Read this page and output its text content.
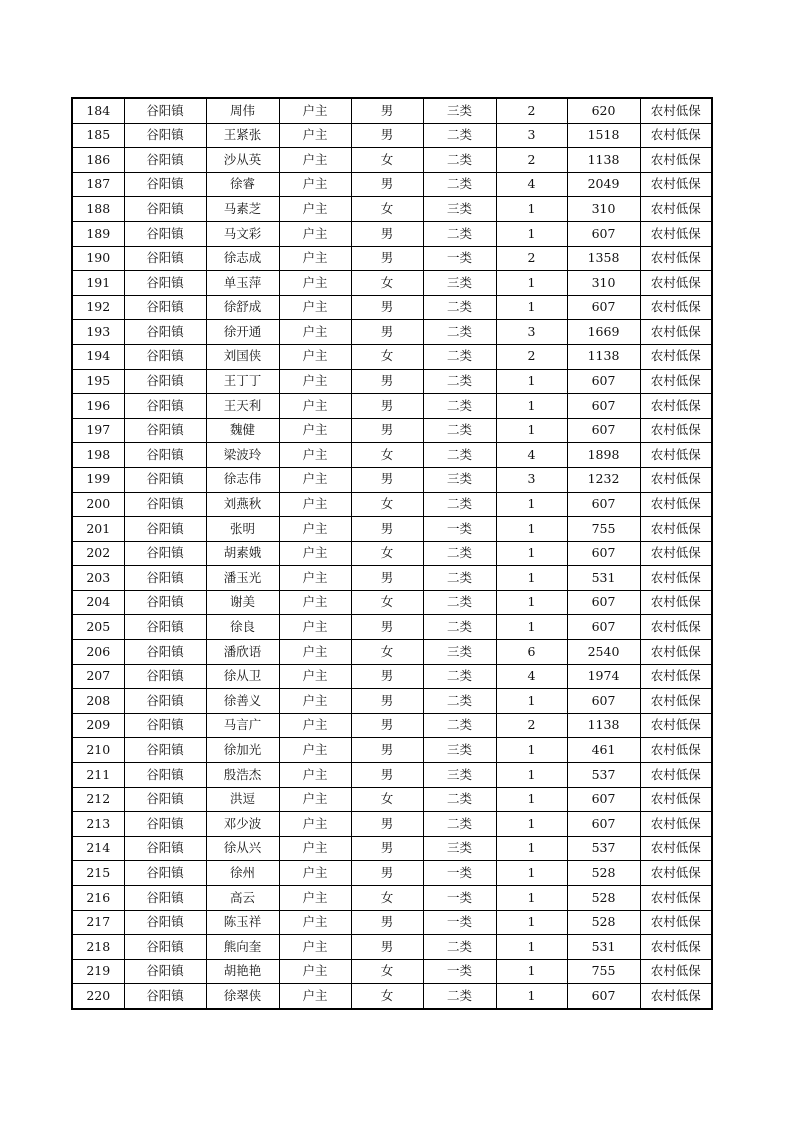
184	谷阳镇	周伟	户主	男	三类	2	620	农村低保
185	谷阳镇	王紧张	户主	男	二类	3	1518	农村低保
186	谷阳镇	沙从英	户主	女	二类	2	1138	农村低保
187	谷阳镇	徐睿	户主	男	二类	4	2049	农村低保
188	谷阳镇	马素芝	户主	女	三类	1	310	农村低保
189	谷阳镇	马文彩	户主	男	二类	1	607	农村低保
190	谷阳镇	徐志成	户主	男	一类	2	1358	农村低保
191	谷阳镇	单玉萍	户主	女	三类	1	310	农村低保
192	谷阳镇	徐舒成	户主	男	二类	1	607	农村低保
193	谷阳镇	徐开通	户主	男	二类	3	1669	农村低保
194	谷阳镇	刘国侠	户主	女	二类	2	1138	农村低保
195	谷阳镇	王丁丁	户主	男	二类	1	607	农村低保
196	谷阳镇	王天利	户主	男	二类	1	607	农村低保
197	谷阳镇	魏健	户主	男	二类	1	607	农村低保
198	谷阳镇	梁波玲	户主	女	二类	4	1898	农村低保
199	谷阳镇	徐志伟	户主	男	三类	3	1232	农村低保
200	谷阳镇	刘燕秋	户主	女	二类	1	607	农村低保
201	谷阳镇	张明	户主	男	一类	1	755	农村低保
202	谷阳镇	胡素娥	户主	女	二类	1	607	农村低保
203	谷阳镇	潘玉光	户主	男	二类	1	531	农村低保
204	谷阳镇	谢美	户主	女	二类	1	607	农村低保
205	谷阳镇	徐良	户主	男	二类	1	607	农村低保
206	谷阳镇	潘欣语	户主	女	三类	6	2540	农村低保
207	谷阳镇	徐从卫	户主	男	二类	4	1974	农村低保
208	谷阳镇	徐善义	户主	男	二类	1	607	农村低保
209	谷阳镇	马言广	户主	男	二类	2	1138	农村低保
210	谷阳镇	徐加光	户主	男	三类	1	461	农村低保
211	谷阳镇	殷浩杰	户主	男	三类	1	537	农村低保
212	谷阳镇	洪逗	户主	女	二类	1	607	农村低保
213	谷阳镇	邓少波	户主	男	二类	1	607	农村低保
214	谷阳镇	徐从兴	户主	男	三类	1	537	农村低保
215	谷阳镇	徐州	户主	男	一类	1	528	农村低保
216	谷阳镇	高云	户主	女	一类	1	528	农村低保
217	谷阳镇	陈玉祥	户主	男	一类	1	528	农村低保
218	谷阳镇	熊向奎	户主	男	二类	1	531	农村低保
219	谷阳镇	胡艳艳	户主	女	一类	1	755	农村低保
220	谷阳镇	徐翠侠	户主	女	二类	1	607	农村低保
